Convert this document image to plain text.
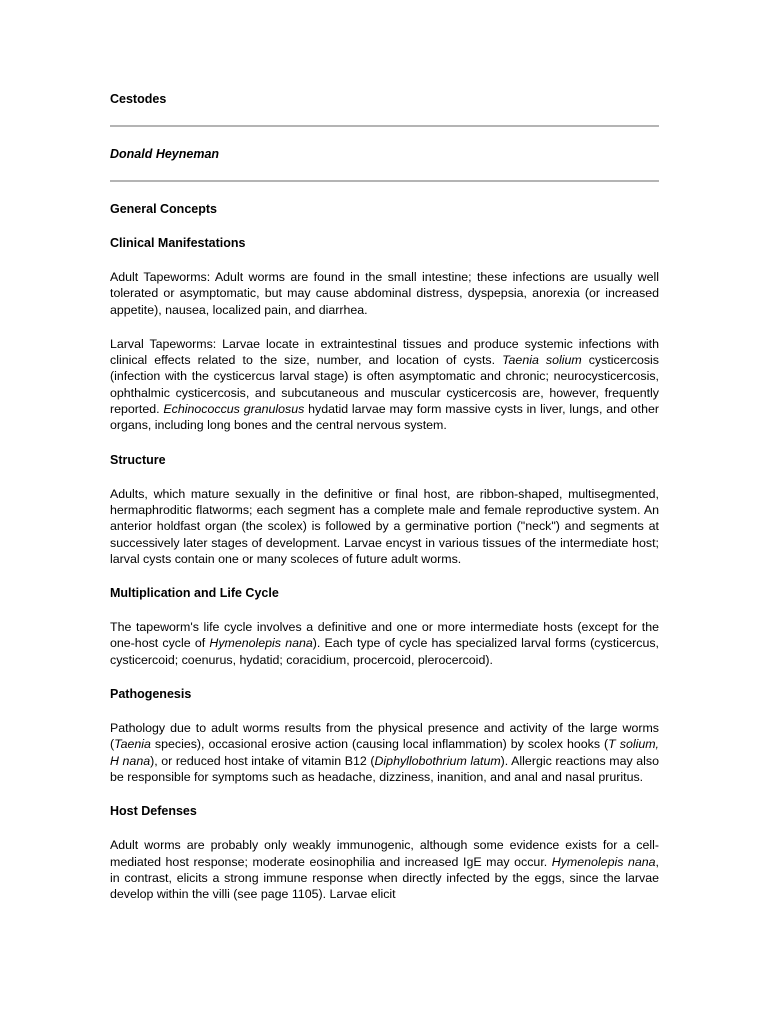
Cestodes
Donald Heyneman
General Concepts
Clinical Manifestations

Adult Tapeworms: Adult worms are found in the small intestine; these infections are usually well tolerated or asymptomatic, but may cause abdominal distress, dyspepsia, anorexia (or increased appetite), nausea, localized pain, and diarrhea.

Larval Tapeworms: Larvae locate in extraintestinal tissues and produce systemic infections with clinical effects related to the size, number, and location of cysts. Taenia solium cysticercosis (infection with the cysticercus larval stage) is often asymptomatic and chronic; neurocysticercosis, ophthalmic cysticercosis, and subcutaneous and muscular cysticercosis are, however, frequently reported. Echinococcus granulosus hydatid larvae may form massive cysts in liver, lungs, and other organs, including long bones and the central nervous system.

Structure

Adults, which mature sexually in the definitive or final host, are ribbon-shaped, multisegmented, hermaphroditic flatworms; each segment has a complete male and female reproductive system. An anterior holdfast organ (the scolex) is followed by a germinative portion ("neck") and segments at successively later stages of development. Larvae encyst in various tissues of the intermediate host; larval cysts contain one or many scoleces of future adult worms.

Multiplication and Life Cycle

The tapeworm's life cycle involves a definitive and one or more intermediate hosts (except for the one-host cycle of Hymenolepis nana). Each type of cycle has specialized larval forms (cysticercus, cysticercoid; coenurus, hydatid; coracidium, procercoid, plerocercoid).

Pathogenesis

Pathology due to adult worms results from the physical presence and activity of the large worms (Taenia species), occasional erosive action (causing local inflammation) by scolex hooks (T solium, H nana), or reduced host intake of vitamin B12 (Diphyllobothrium latum). Allergic reactions may also be responsible for symptoms such as headache, dizziness, inanition, and anal and nasal pruritus.

Host Defenses

Adult worms are probably only weakly immunogenic, although some evidence exists for a cell-mediated host response; moderate eosinophilia and increased IgE may occur. Hymenolepis nana, in contrast, elicits a strong immune response when directly infected by the eggs, since the larvae develop within the villi (see page 1105). Larvae elicit
